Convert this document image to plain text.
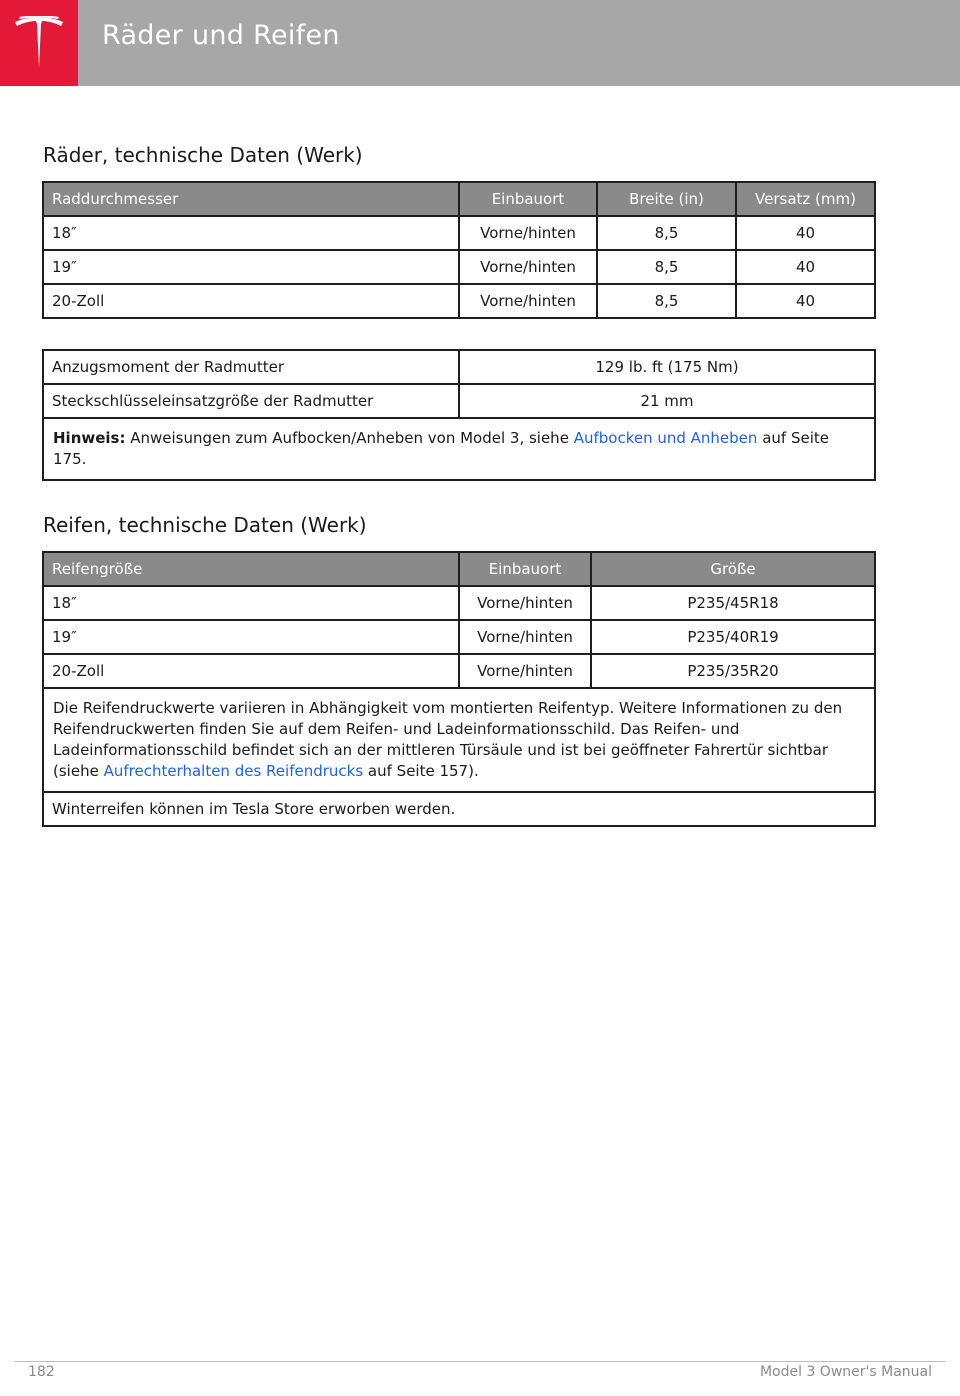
Räder und Reifen
Räder, technische Daten (Werk)
Raddurchmesser	Einbauort	Breite (in)	Versatz (mm)
18″	Vorne/hinten	8,5	40
19″	Vorne/hinten	8,5	40
20-Zoll	Vorne/hinten	8,5	40
Anzugsmoment der Radmutter	129 lb. ft (175 Nm)
Steckschlüsseleinsatzgröße der Radmutter	21 mm
Hinweis: Anweisungen zum Aufbocken/Anheben von Model 3, siehe Aufbocken und Anheben auf Seite 175.	
Reifen, technische Daten (Werk)
Reifengröße	Einbauort	Größe
18″	Vorne/hinten	P235/45R18
19″	Vorne/hinten	P235/40R19
20-Zoll	Vorne/hinten	P235/35R20
Die Reifendruckwerte variieren in Abhängigkeit vom montierten Reifentyp. Weitere Informationen zu den Reifendruckwerten finden Sie auf dem Reifen- und Ladeinformationsschild. Das Reifen- und Ladeinformationsschild befindet sich an der mittleren Türsäule und ist bei geöffneter Fahrertür sichtbar (siehe Aufrechterhalten des Reifendrucks auf Seite 157).		
Winterreifen können im Tesla Store erworben werden.		
182	Model 3 Owner's Manual
